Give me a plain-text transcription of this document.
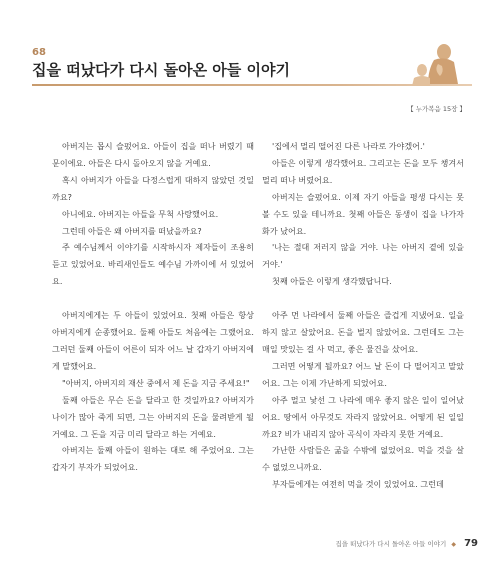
68
집을 떠났다가 다시 돌아온 아들 이야기
【 누가복음 15장 】

아버지는 몹시 슬펐어요. 아들이 집을 떠나 버렸기 때문이에요. 아들은 다시 돌아오지 않을 거예요.

혹시 아버지가 아들을 다정스럽게 대하지 않았던 것일까요?

아니에요. 아버지는 아들을 무척 사랑했어요.

그런데 아들은 왜 아버지를 떠났을까요?

주 예수님께서 이야기를 시작하시자 제자들이 조용히 듣고 있었어요. 바리새인들도 예수님 가까이에 서 있었어요.

아버지에게는 두 아들이 있었어요. 첫째 아들은 항상 아버지에게 순종했어요. 둘째 아들도 처음에는 그랬어요. 그러던 둘째 아들이 어른이 되자 어느 날 갑자기 아버지에게 말했어요.

"아버지, 아버지의 재산 중에서 제 돈을 지금 주세요!"

둘째 아들은 무슨 돈을 달라고 한 것일까요? 아버지가 나이가 많아 죽게 되면, 그는 아버지의 돈을 물려받게 될 거예요. 그 돈을 지금 미리 달라고 하는 거예요.

아버지는 둘째 아들이 원하는 대로 해 주었어요. 그는 갑자기 부자가 되었어요.

'집에서 멀리 떨어진 다른 나라로 가야겠어.'

아들은 이렇게 생각했어요. 그리고는 돈을 모두 챙겨서 멀리 떠나 버렸어요.

아버지는 슬펐어요. 이제 자기 아들을 평생 다시는 못 볼 수도 있을 테니까요. 첫째 아들은 동생이 집을 나가자 화가 났어요.

'나는 절대 저러지 않을 거야. 나는 아버지 곁에 있을 거야.'

첫째 아들은 이렇게 생각했답니다.

아주 먼 나라에서 둘째 아들은 즐겁게 지냈어요. 일을 하지 않고 살았어요. 돈을 벌지 않았어요. 그런데도 그는 매일 맛있는 걸 사 먹고, 좋은 물건을 샀어요.

그러면 어떻게 될까요? 어느 날 돈이 다 떨어지고 말았어요. 그는 이제 가난하게 되었어요.

아주 멀고 낯선 그 나라에 매우 좋지 않은 일이 일어났어요. 땅에서 아무것도 자라지 않았어요. 어떻게 된 일일까요? 비가 내리지 않아 곡식이 자라지 못한 거예요.

가난한 사람들은 굶을 수밖에 없었어요. 먹을 것을 살 수 없었으니까요.

부자들에게는 여전히 먹을 것이 있었어요. 그런데

집을 떠났다가 다시 돌아온 아들 이야기 ◆ 79
